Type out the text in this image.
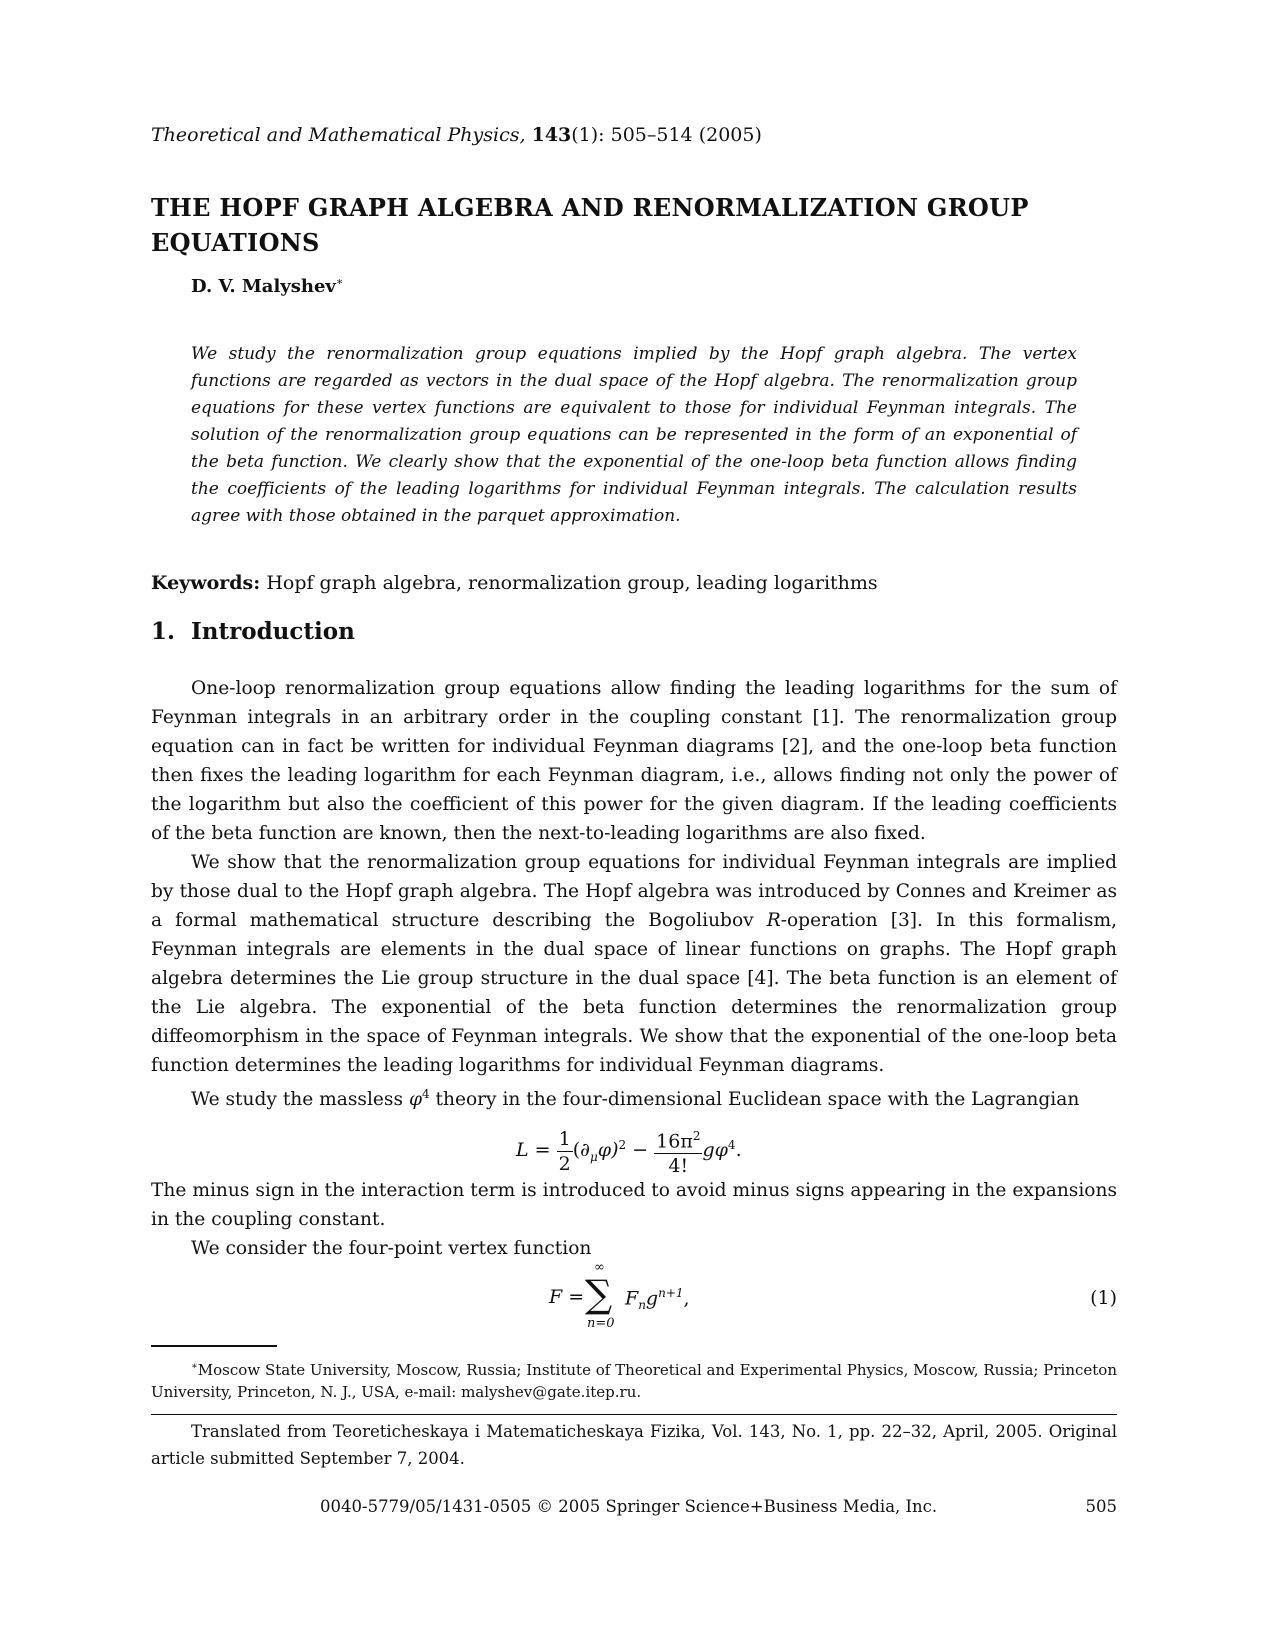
Theoretical and Mathematical Physics, 143(1): 505–514 (2005)
THE HOPF GRAPH ALGEBRA AND RENORMALIZATION GROUP EQUATIONS
D. V. Malyshev∗

We study the renormalization group equations implied by the Hopf graph algebra. The vertex functions are regarded as vectors in the dual space of the Hopf algebra. The renormalization group equations for these vertex functions are equivalent to those for individual Feynman integrals. The solution of the renormalization group equations can be represented in the form of an exponential of the beta function. We clearly show that the exponential of the one-loop beta function allows finding the coefficients of the leading logarithms for individual Feynman integrals. The calculation results agree with those obtained in the parquet approximation.

Keywords: Hopf graph algebra, renormalization group, leading logarithms
1. Introduction

One-loop renormalization group equations allow finding the leading logarithms for the sum of Feynman integrals in an arbitrary order in the coupling constant [1]. The renormalization group equation can in fact be written for individual Feynman diagrams [2], and the one-loop beta function then fixes the leading logarithm for each Feynman diagram, i.e., allows finding not only the power of the logarithm but also the coefficient of this power for the given diagram. If the leading coefficients of the beta function are known, then the next-to-leading logarithms are also fixed.

We show that the renormalization group equations for individual Feynman integrals are implied by those dual to the Hopf graph algebra. The Hopf algebra was introduced by Connes and Kreimer as a formal mathematical structure describing the Bogoliubov R-operation [3]. In this formalism, Feynman integrals are elements in the dual space of linear functions on graphs. The Hopf graph algebra determines the Lie group structure in the dual space [4]. The beta function is an element of the Lie algebra. The exponential of the beta function determines the renormalization group diffeomorphism in the space of Feynman integrals. We show that the exponential of the one-loop beta function determines the leading logarithms for individual Feynman diagrams.

We study the massless $\varphi^4$ theory in the four-dimensional Euclidean space with the Lagrangian

$L = \frac{1}{2} (\partial_\mu\varphi)^2 - \frac{16\pi^2}{4!} g\varphi^4$.

The minus sign in the interaction term is introduced to avoid minus signs appearing in the expansions in the coupling constant.

We consider the four-point vertex function

F =
∞
∑
n=0
$F_ng^{n+1}$,	(1)

∗Moscow State University, Moscow, Russia; Institute of Theoretical and Experimental Physics, Moscow, Russia; Princeton University, Princeton, N. J., USA, e-mail: malyshev@gate.itep.ru.

Translated from Teoreticheskaya i Matematicheskaya Fizika, Vol. 143, No. 1, pp. 22–32, April, 2005. Original article submitted September 7, 2004.

0040-5779/05/1431-0505 © 2005 Springer Science+Business Media, Inc.	505
